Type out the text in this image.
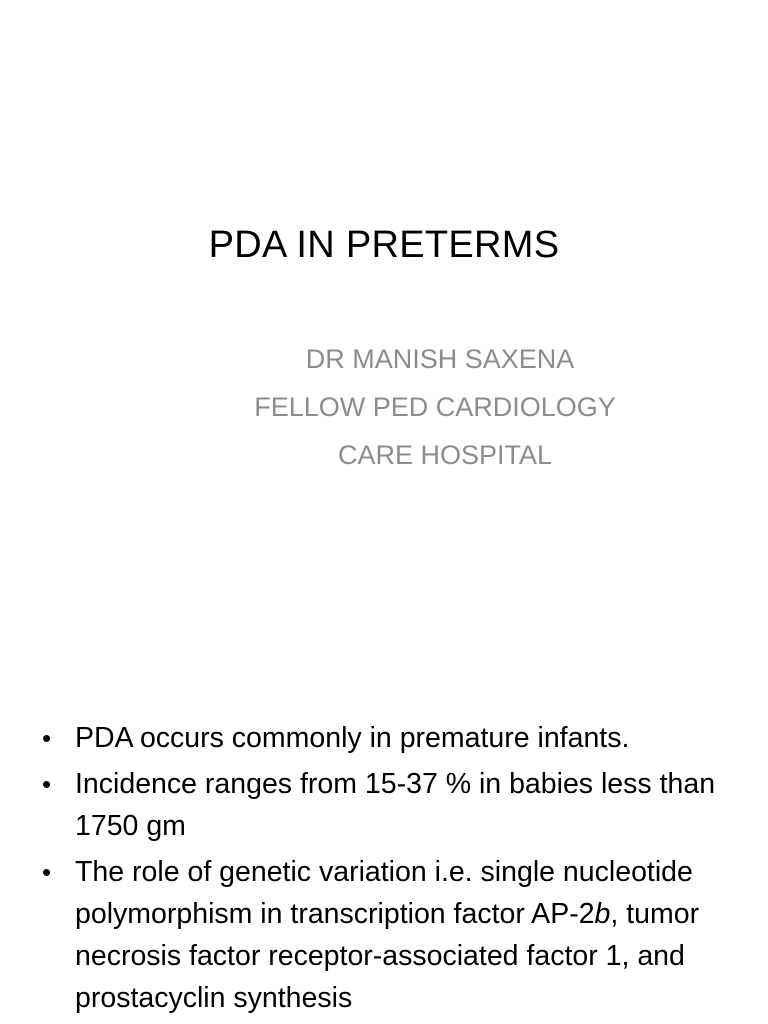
PDA IN PRETERMS
DR MANISH SAXENA
FELLOW PED CARDIOLOGY
CARE HOSPITAL
• PDA occurs commonly in premature infants.
• Incidence ranges from 15-37 % in babies less than 1750 gm
• The role of genetic variation i.e. single nucleotide polymorphism in transcription factor AP-2b, tumor necrosis factor receptor-associated factor 1, and prostacyclin synthesis
